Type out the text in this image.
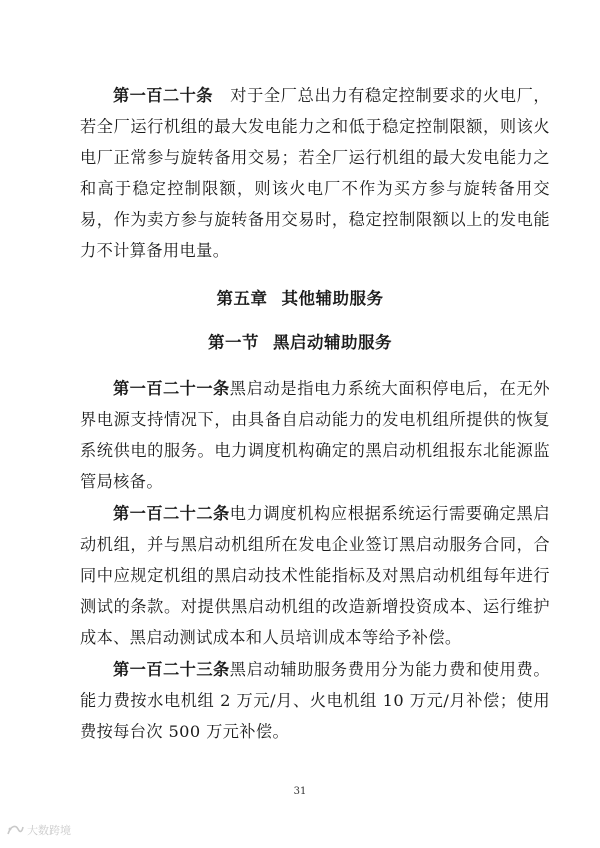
第一百二十条 对于全厂总出力有稳定控制要求的火电厂，若全厂运行机组的最大发电能力之和低于稳定控制限额，则该火电厂正常参与旋转备用交易；若全厂运行机组的最大发电能力之和高于稳定控制限额，则该火电厂不作为买方参与旋转备用交易，作为卖方参与旋转备用交易时，稳定控制限额以上的发电能力不计算备用电量。

第五章 其他辅助服务
第一节 黑启动辅助服务

第一百二十一条黑启动是指电力系统大面积停电后，在无外界电源支持情况下，由具备自启动能力的发电机组所提供的恢复系统供电的服务。电力调度机构确定的黑启动机组报东北能源监管局核备。

第一百二十二条电力调度机构应根据系统运行需要确定黑启动机组，并与黑启动机组所在发电企业签订黑启动服务合同，合同中应规定机组的黑启动技术性能指标及对黑启动机组每年进行测试的条款。对提供黑启动机组的改造新增投资成本、运行维护成本、黑启动测试成本和人员培训成本等给予补偿。

第一百二十三条黑启动辅助服务费用分为能力费和使用费。能力费按水电机组 2 万元/月、火电机组 10 万元/月补偿；使用费按每台次 500 万元补偿。

31
大数跨境
